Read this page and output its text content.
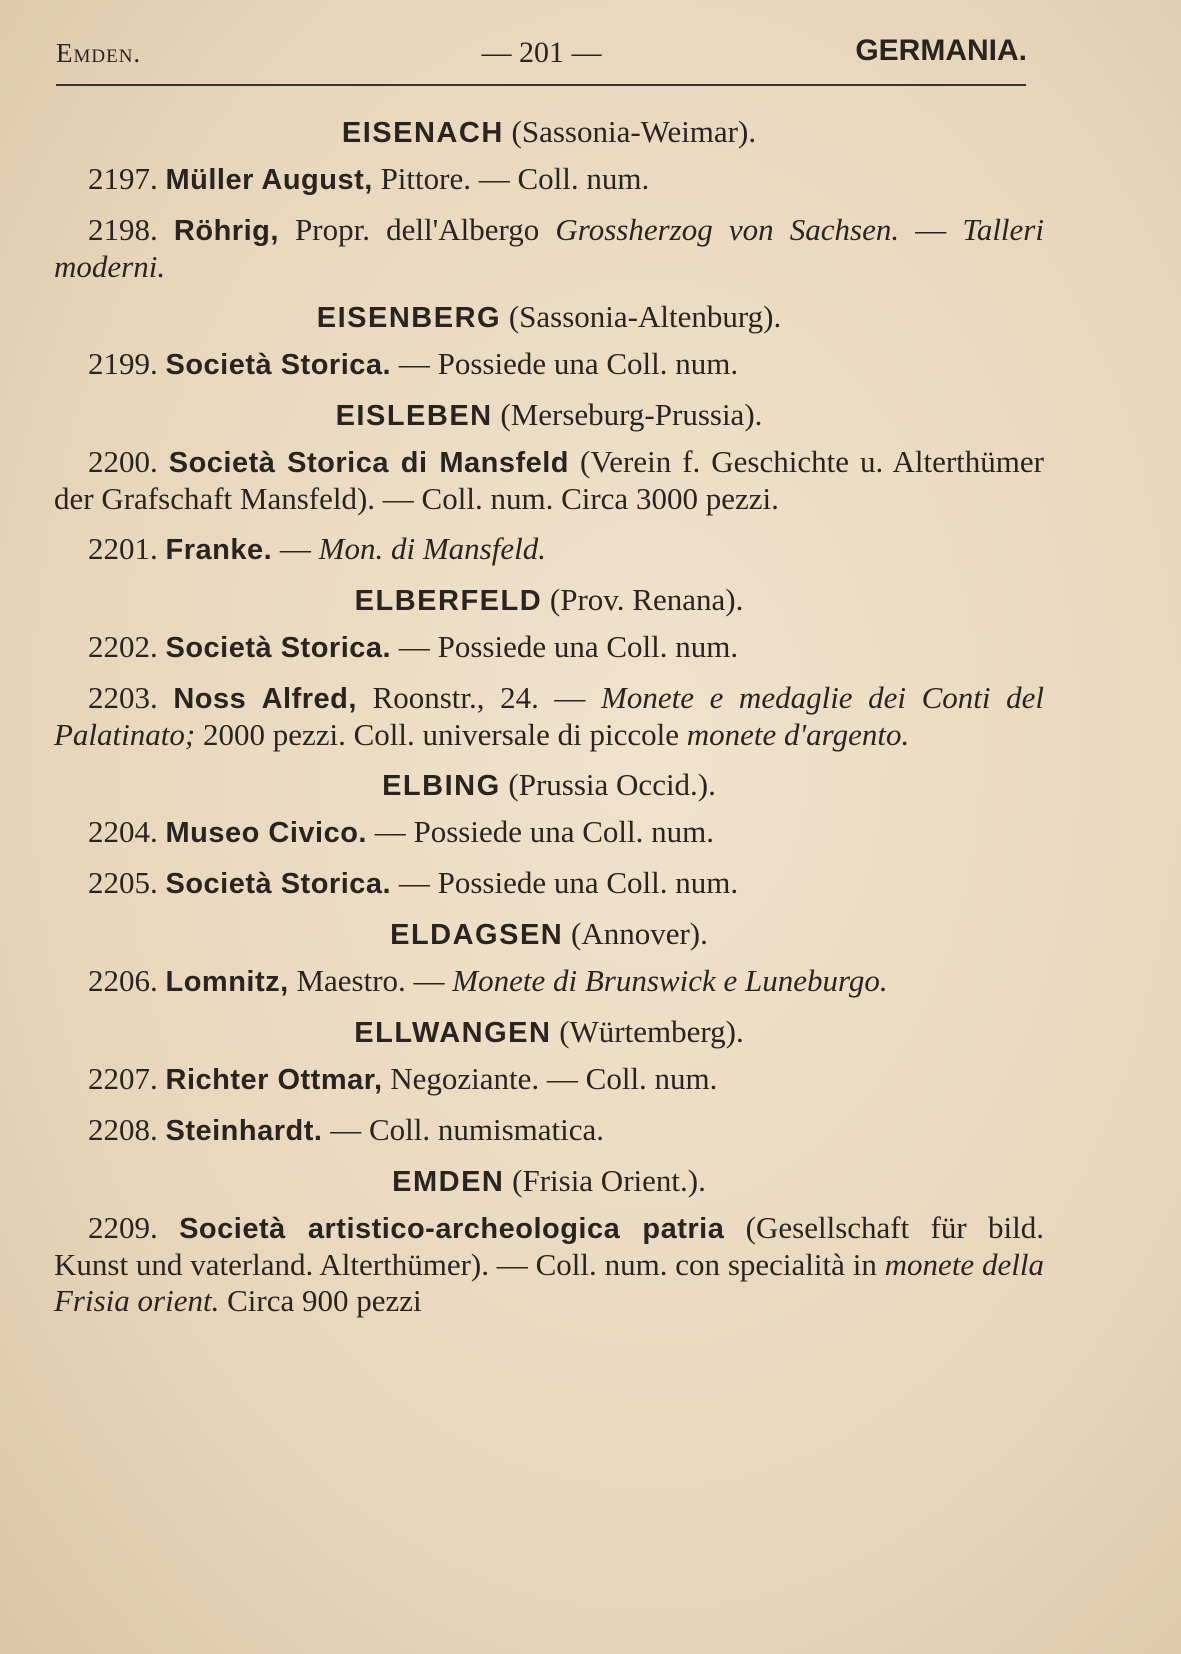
Emden.	— 201 —	GERMANIA.
EISENACH (Sassonia-Weimar).

2197. Müller August, Pittore. — Coll. num.

2198. Röhrig, Propr. dell'Albergo Grossherzog von Sachsen. — Talleri moderni.

EISENBERG (Sassonia-Altenburg).

2199. Società Storica. — Possiede una Coll. num.

EISLEBEN (Merseburg-Prussia).

2200. Società Storica di Mansfeld (Verein f. Geschichte u. Alterthümer der Grafschaft Mansfeld). — Coll. num. Circa 3000 pezzi.

2201. Franke. — Mon. di Mansfeld.

ELBERFELD (Prov. Renana).

2202. Società Storica. — Possiede una Coll. num.

2203. Noss Alfred, Roonstr., 24. — Monete e medaglie dei Conti del Palatinato; 2000 pezzi. Coll. universale di piccole monete d'argento.

ELBING (Prussia Occid.).

2204. Museo Civico. — Possiede una Coll. num.

2205. Società Storica. — Possiede una Coll. num.

ELDAGSEN (Annover).

2206. Lomnitz, Maestro. — Monete di Brunswick e Luneburgo.

ELLWANGEN (Würtemberg).

2207. Richter Ottmar, Negoziante. — Coll. num.

2208. Steinhardt. — Coll. numismatica.

EMDEN (Frisia Orient.).

2209. Società artistico-archeologica patria (Gesellschaft für bild. Kunst und vaterland. Alterthümer). — Coll. num. con specialità in monete della Frisia orient. Circa 900 pezzi
